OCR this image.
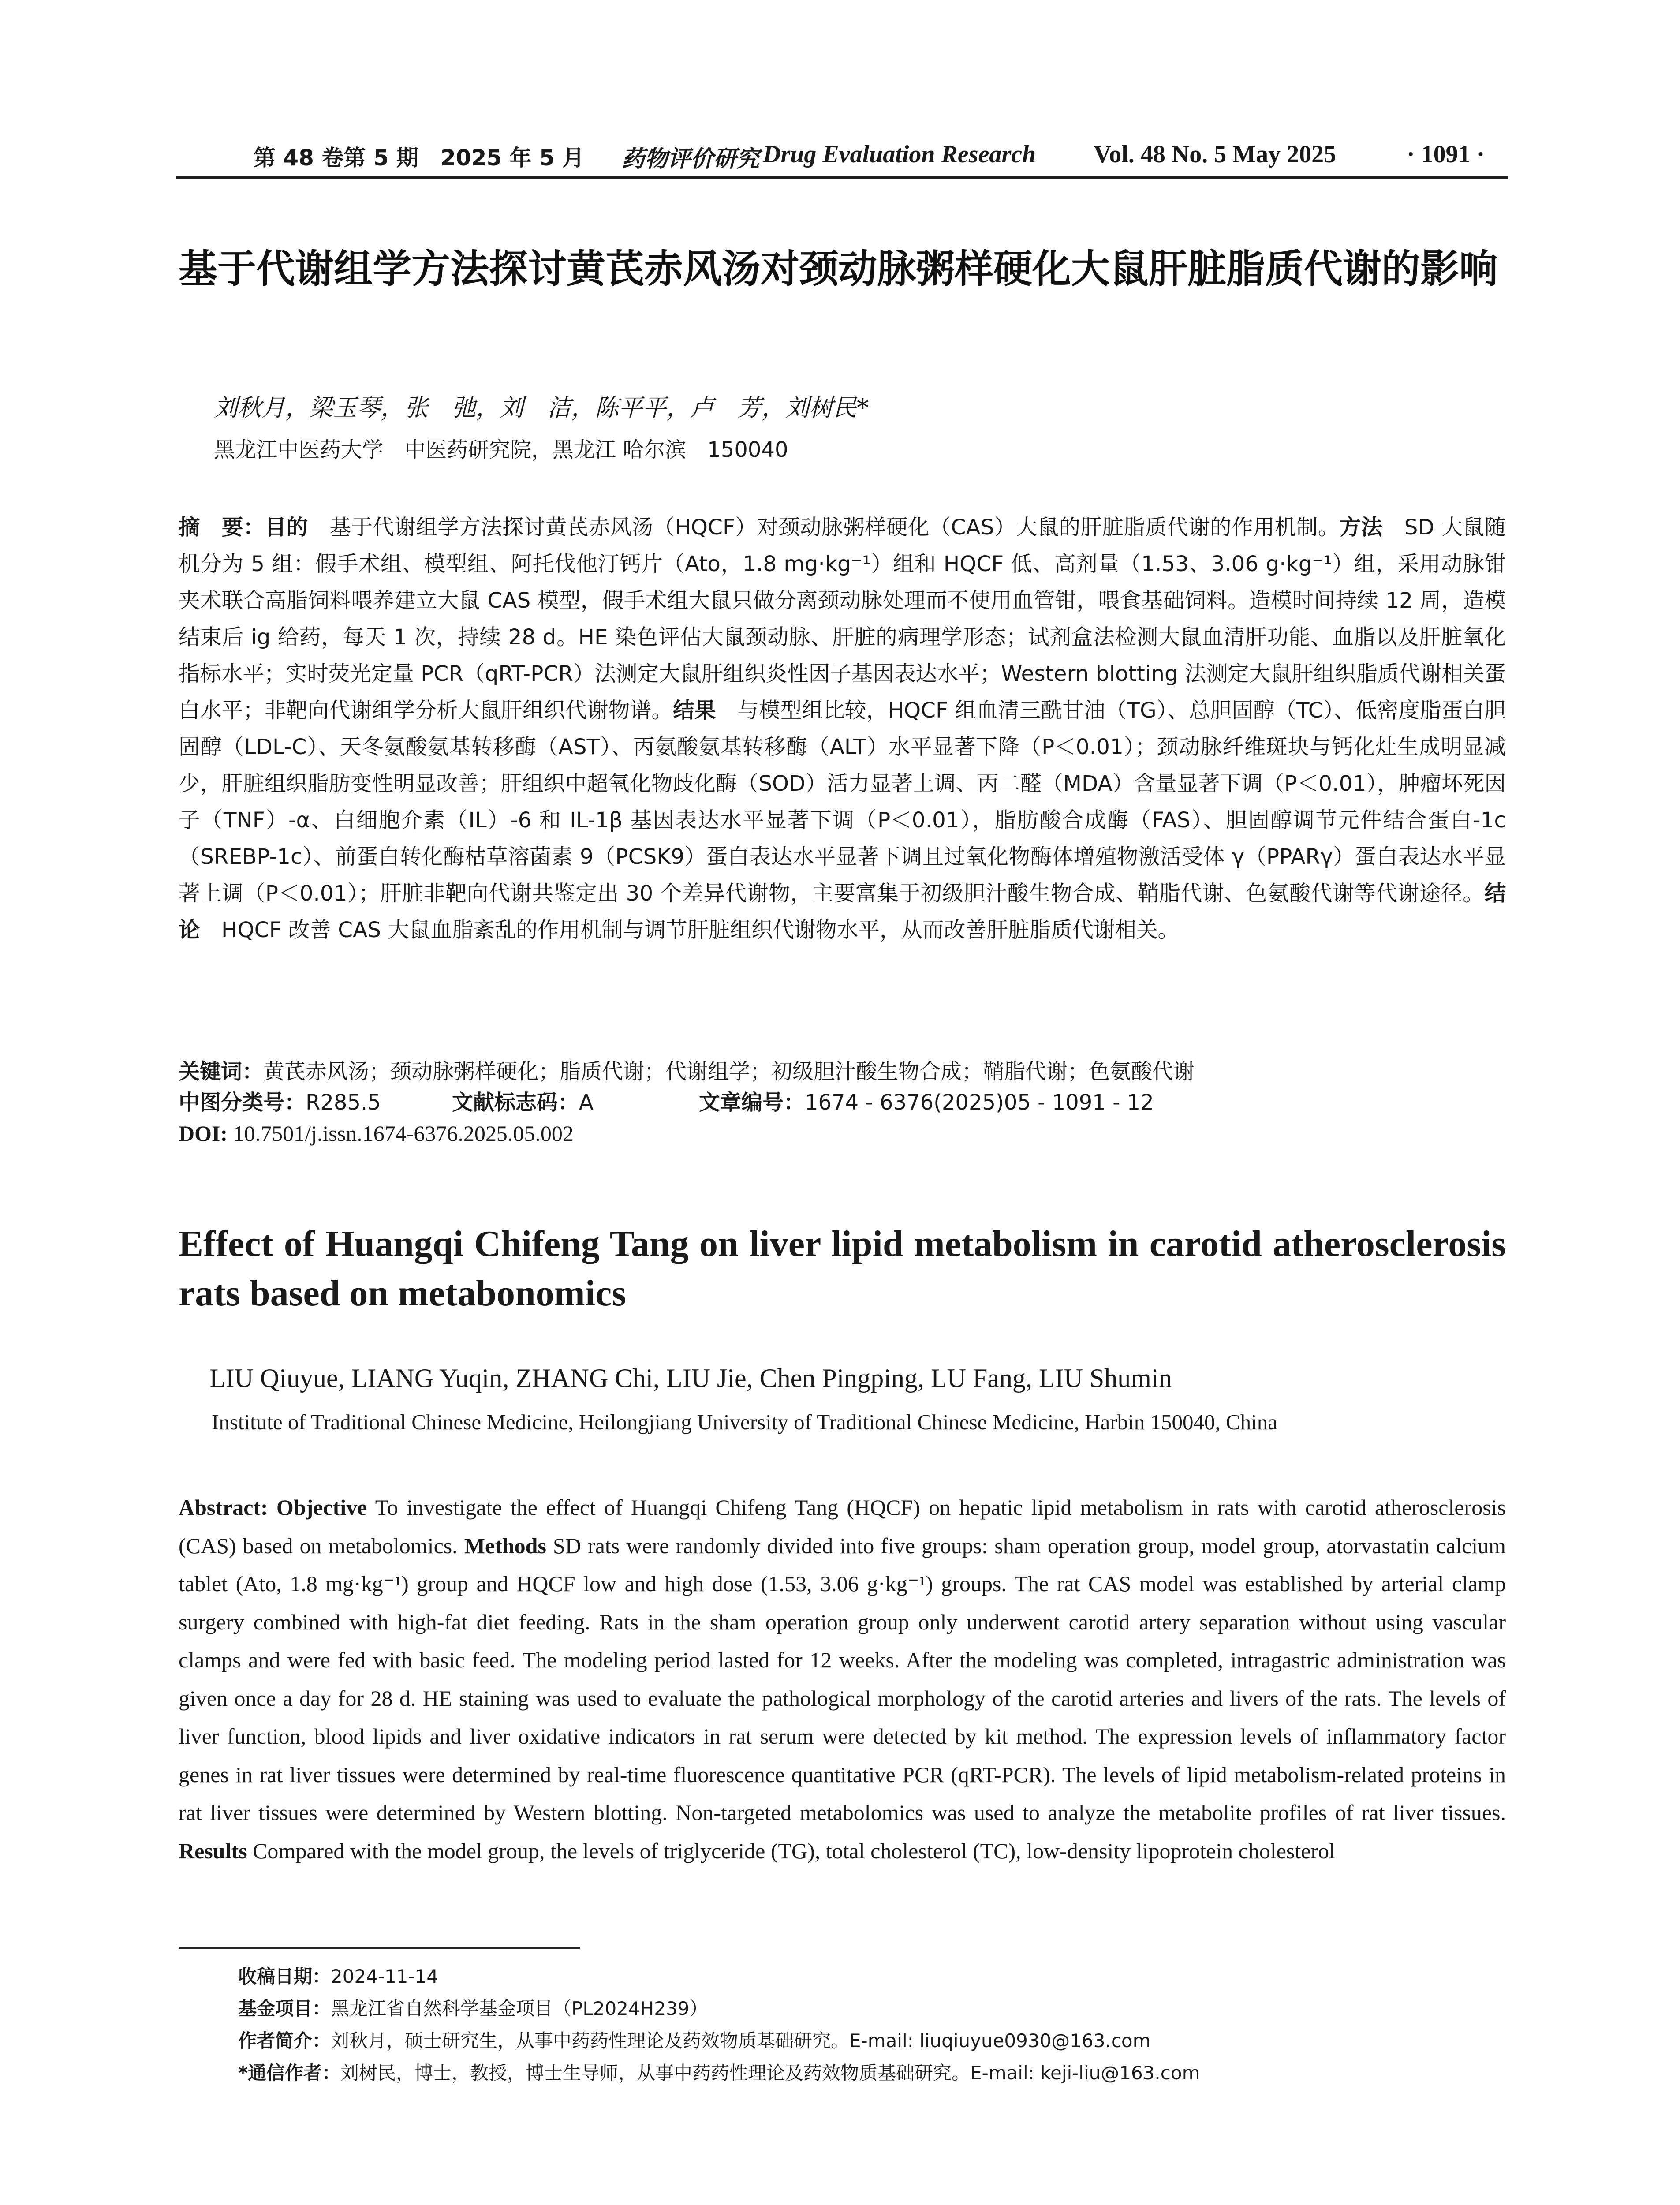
第 48 卷第 5 期　2025 年 5 月 药物评价研究 Drug Evaluation Research Vol. 48 No. 5 May 2025	· 1091 ·
基于代谢组学方法探讨黄芪赤风汤对颈动脉粥样硬化大鼠肝脏脂质代谢的影响
刘秋月，梁玉琴，张　弛，刘　洁，陈平平，卢　芳，刘树民*
黑龙江中医药大学　中医药研究院，黑龙江 哈尔滨　150040
摘　要：目的　基于代谢组学方法探讨黄芪赤风汤（HQCF）对颈动脉粥样硬化（CAS）大鼠的肝脏脂质代谢的作用机制。方法　SD 大鼠随机分为 5 组：假手术组、模型组、阿托伐他汀钙片（Ato，1.8 mg·kg⁻¹）组和 HQCF 低、高剂量（1.53、3.06 g·kg⁻¹）组，采用动脉钳夹术联合高脂饲料喂养建立大鼠 CAS 模型，假手术组大鼠只做分离颈动脉处理而不使用血管钳，喂食基础饲料。造模时间持续 12 周，造模结束后 ig 给药，每天 1 次，持续 28 d。HE 染色评估大鼠颈动脉、肝脏的病理学形态；试剂盒法检测大鼠血清肝功能、血脂以及肝脏氧化指标水平；实时荧光定量 PCR（qRT-PCR）法测定大鼠肝组织炎性因子基因表达水平；Western blotting 法测定大鼠肝组织脂质代谢相关蛋白水平；非靶向代谢组学分析大鼠肝组织代谢物谱。结果　与模型组比较，HQCF 组血清三酰甘油（TG）、总胆固醇（TC）、低密度脂蛋白胆固醇（LDL-C）、天冬氨酸氨基转移酶（AST）、丙氨酸氨基转移酶（ALT）水平显著下降（P＜0.01）；颈动脉纤维斑块与钙化灶生成明显减少，肝脏组织脂肪变性明显改善；肝组织中超氧化物歧化酶（SOD）活力显著上调、丙二醛（MDA）含量显著下调（P＜0.01），肿瘤坏死因子（TNF）-α、白细胞介素（IL）-6 和 IL-1β 基因表达水平显著下调（P＜0.01），脂肪酸合成酶（FAS）、胆固醇调节元件结合蛋白-1c（SREBP-1c）、前蛋白转化酶枯草溶菌素 9（PCSK9）蛋白表达水平显著下调且过氧化物酶体增殖物激活受体 γ（PPARγ）蛋白表达水平显著上调（P＜0.01）；肝脏非靶向代谢共鉴定出 30 个差异代谢物，主要富集于初级胆汁酸生物合成、鞘脂代谢、色氨酸代谢等代谢途径。结论　HQCF 改善 CAS 大鼠血脂紊乱的作用机制与调节肝脏组织代谢物水平，从而改善肝脏脂质代谢相关。
关键词：黄芪赤风汤；颈动脉粥样硬化；脂质代谢；代谢组学；初级胆汁酸生物合成；鞘脂代谢；色氨酸代谢
中图分类号：R285.5	文献标志码：A	文章编号：1674 - 6376(2025)05 - 1091 - 12
DOI: 10.7501/j.issn.1674-6376.2025.05.002
Effect of Huangqi Chifeng Tang on liver lipid metabolism in carotid atherosclerosis rats based on metabonomics
LIU Qiuyue, LIANG Yuqin, ZHANG Chi, LIU Jie, Chen Pingping, LU Fang, LIU Shumin
Institute of Traditional Chinese Medicine, Heilongjiang University of Traditional Chinese Medicine, Harbin 150040, China
Abstract: Objective To investigate the effect of Huangqi Chifeng Tang (HQCF) on hepatic lipid metabolism in rats with carotid atherosclerosis (CAS) based on metabolomics. Methods SD rats were randomly divided into five groups: sham operation group, model group, atorvastatin calcium tablet (Ato, 1.8 mg·kg⁻¹) group and HQCF low and high dose (1.53, 3.06 g·kg⁻¹) groups. The rat CAS model was established by arterial clamp surgery combined with high-fat diet feeding. Rats in the sham operation group only underwent carotid artery separation without using vascular clamps and were fed with basic feed. The modeling period lasted for 12 weeks. After the modeling was completed, intragastric administration was given once a day for 28 d. HE staining was used to evaluate the pathological morphology of the carotid arteries and livers of the rats. The levels of liver function, blood lipids and liver oxidative indicators in rat serum were detected by kit method. The expression levels of inflammatory factor genes in rat liver tissues were determined by real-time fluorescence quantitative PCR (qRT-PCR). The levels of lipid metabolism-related proteins in rat liver tissues were determined by Western blotting. Non-targeted metabolomics was used to analyze the metabolite profiles of rat liver tissues. Results Compared with the model group, the levels of triglyceride (TG), total cholesterol (TC), low-density lipoprotein cholesterol
收稿日期：2024-11-14
基金项目：黑龙江省自然科学基金项目（PL2024H239）
作者简介：刘秋月，硕士研究生，从事中药药性理论及药效物质基础研究。E-mail: liuqiuyue0930@163.com
*通信作者：刘树民，博士，教授，博士生导师，从事中药药性理论及药效物质基础研究。E-mail: keji-liu@163.com
